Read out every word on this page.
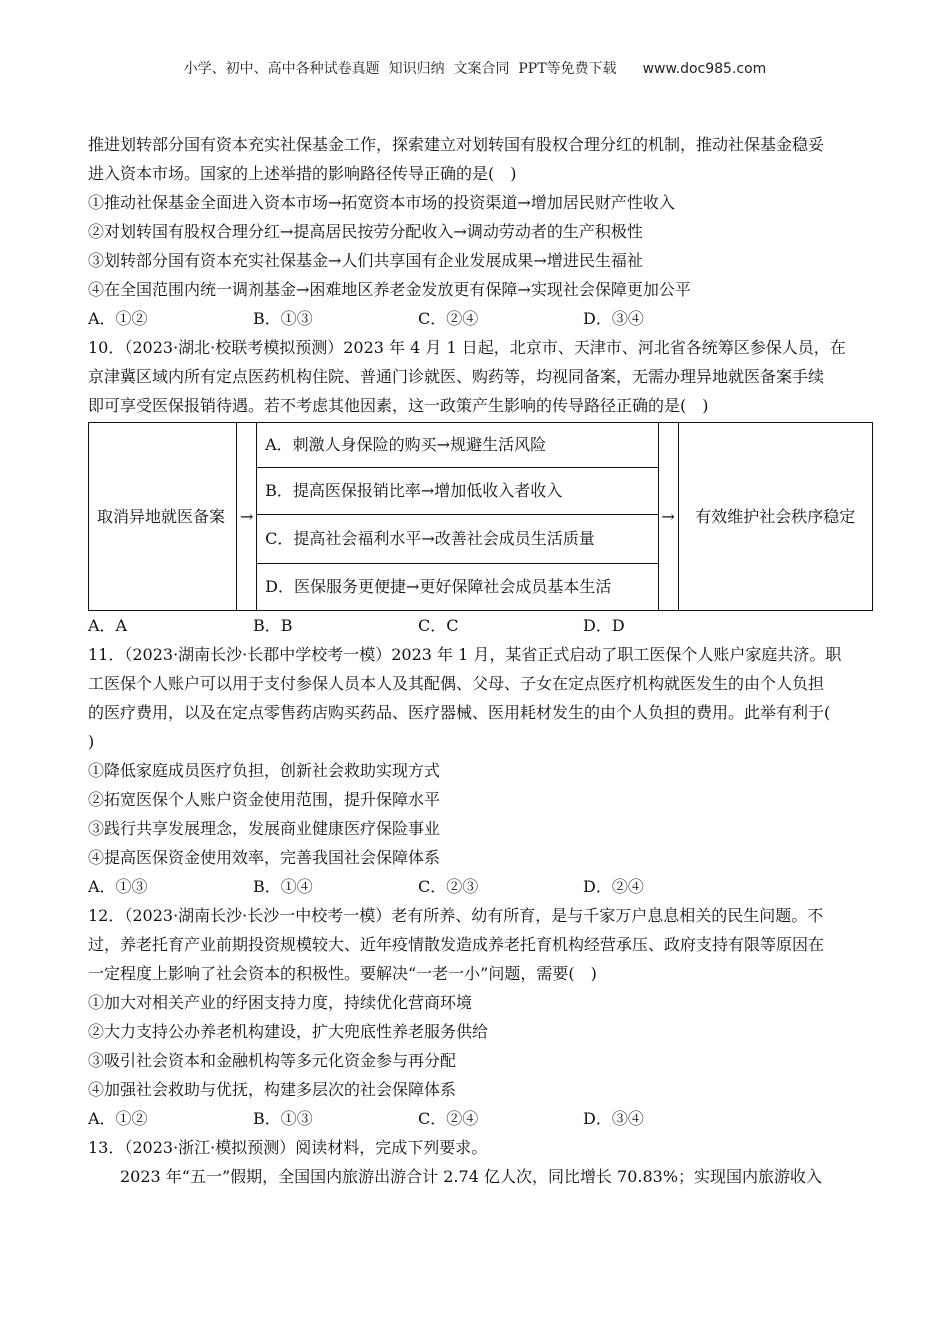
小学、初中、高中各种试卷真题  知识归纳  文案合同  PPT等免费下载 www.doc985.com

推进划转部分国有资本充实社保基金工作，探索建立对划转国有股权合理分红的机制，推动社保基金稳妥

进入资本市场。国家的上述举措的影响路径传导正确的是(　)

①推动社保基金全面进入资本市场→拓宽资本市场的投资渠道→增加居民财产性收入

②对划转国有股权合理分红→提高居民按劳分配收入→调动劳动者的生产积极性

③划转部分国有资本充实社保基金→人们共享国有企业发展成果→增进民生福祉

④在全国范围内统一调剂基金→困难地区养老金发放更有保障→实现社会保障更加公平

A．①②	B．①③	C．②④	D．③④

10．（2023·湖北·校联考模拟预测）2023 年 4 月 1 日起，北京市、天津市、河北省各统筹区参保人员，在

京津冀区域内所有定点医药机构住院、普通门诊就医、购药等，均视同备案，无需办理异地就医备案手续

即可享受医保报销待遇。若不考虑其他因素，这一政策产生影响的传导路径正确的是(　)

取消异地就医备案	→	A．刺激人身保险的购买→规避生活风险	→	有效维护社会秩序稳定
B．提高医保报销比率→增加低收入者收入
C．提高社会福利水平→改善社会成员生活质量
D．医保服务更便捷→更好保障社会成员基本生活
A．A	B．B	C．C	D．D

11．（2023·湖南长沙·长郡中学校考一模）2023 年 1 月，某省正式启动了职工医保个人账户家庭共济。职

工医保个人账户可以用于支付参保人员本人及其配偶、父母、子女在定点医疗机构就医发生的由个人负担

的医疗费用，以及在定点零售药店购买药品、医疗器械、医用耗材发生的由个人负担的费用。此举有利于(

)

①降低家庭成员医疗负担，创新社会救助实现方式

②拓宽医保个人账户资金使用范围，提升保障水平

③践行共享发展理念，发展商业健康医疗保险事业

④提高医保资金使用效率，完善我国社会保障体系

A．①③	B．①④	C．②③	D．②④

12．（2023·湖南长沙·长沙一中校考一模）老有所养、幼有所育，是与千家万户息息相关的民生问题。不

过，养老托育产业前期投资规模较大、近年疫情散发造成养老托育机构经营承压、政府支持有限等原因在

一定程度上影响了社会资本的积极性。要解决“一老一小”问题，需要(　)

①加大对相关产业的纾困支持力度，持续优化营商环境

②大力支持公办养老机构建设，扩大兜底性养老服务供给

③吸引社会资本和金融机构等多元化资金参与再分配

④加强社会救助与优抚，构建多层次的社会保障体系

A．①②	B．①③	C．②④	D．③④

13．（2023·浙江·模拟预测）阅读材料，完成下列要求。

2023 年“五一”假期，全国国内旅游出游合计 2.74 亿人次，同比增长 70.83%；实现国内旅游收入
